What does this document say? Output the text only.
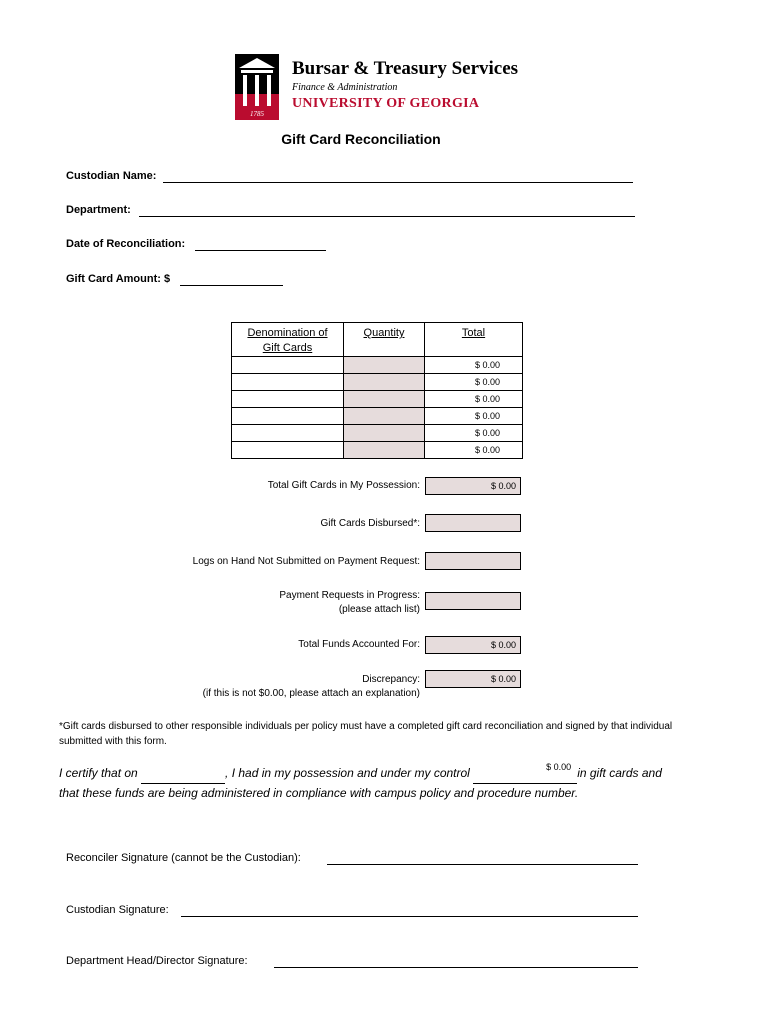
1785
Bursar & Treasury Services
Finance & Administration
UNIVERSITY OF GEORGIA
Gift Card Reconciliation
Custodian Name:
Department:
Date of Reconciliation:
Gift Card Amount: $
Denomination of
Gift Cards	Quantity	Total
		$ 0.00
		$ 0.00
		$ 0.00
		$ 0.00
		$ 0.00
		$ 0.00
Total Gift Cards in My Possession:	$ 0.00
Gift Cards Disbursed*:
Logs on Hand Not Submitted on Payment Request:
Payment Requests in Progress:
(please attach list)
Total Funds Accounted For:	$ 0.00
Discrepancy:
(if this is not $0.00, please attach an explanation)
$ 0.00
*Gift cards disbursed to other responsible individuals per policy must have a completed gift card reconciliation and signed by that individual submitted with this form.
I certify that on	, I had in my possession and under my control	$ 0.00 in gift cards and
that these funds are being administered in compliance with campus policy and procedure number.
Reconciler Signature (cannot be the Custodian):
Custodian Signature:
Department Head/Director Signature:
